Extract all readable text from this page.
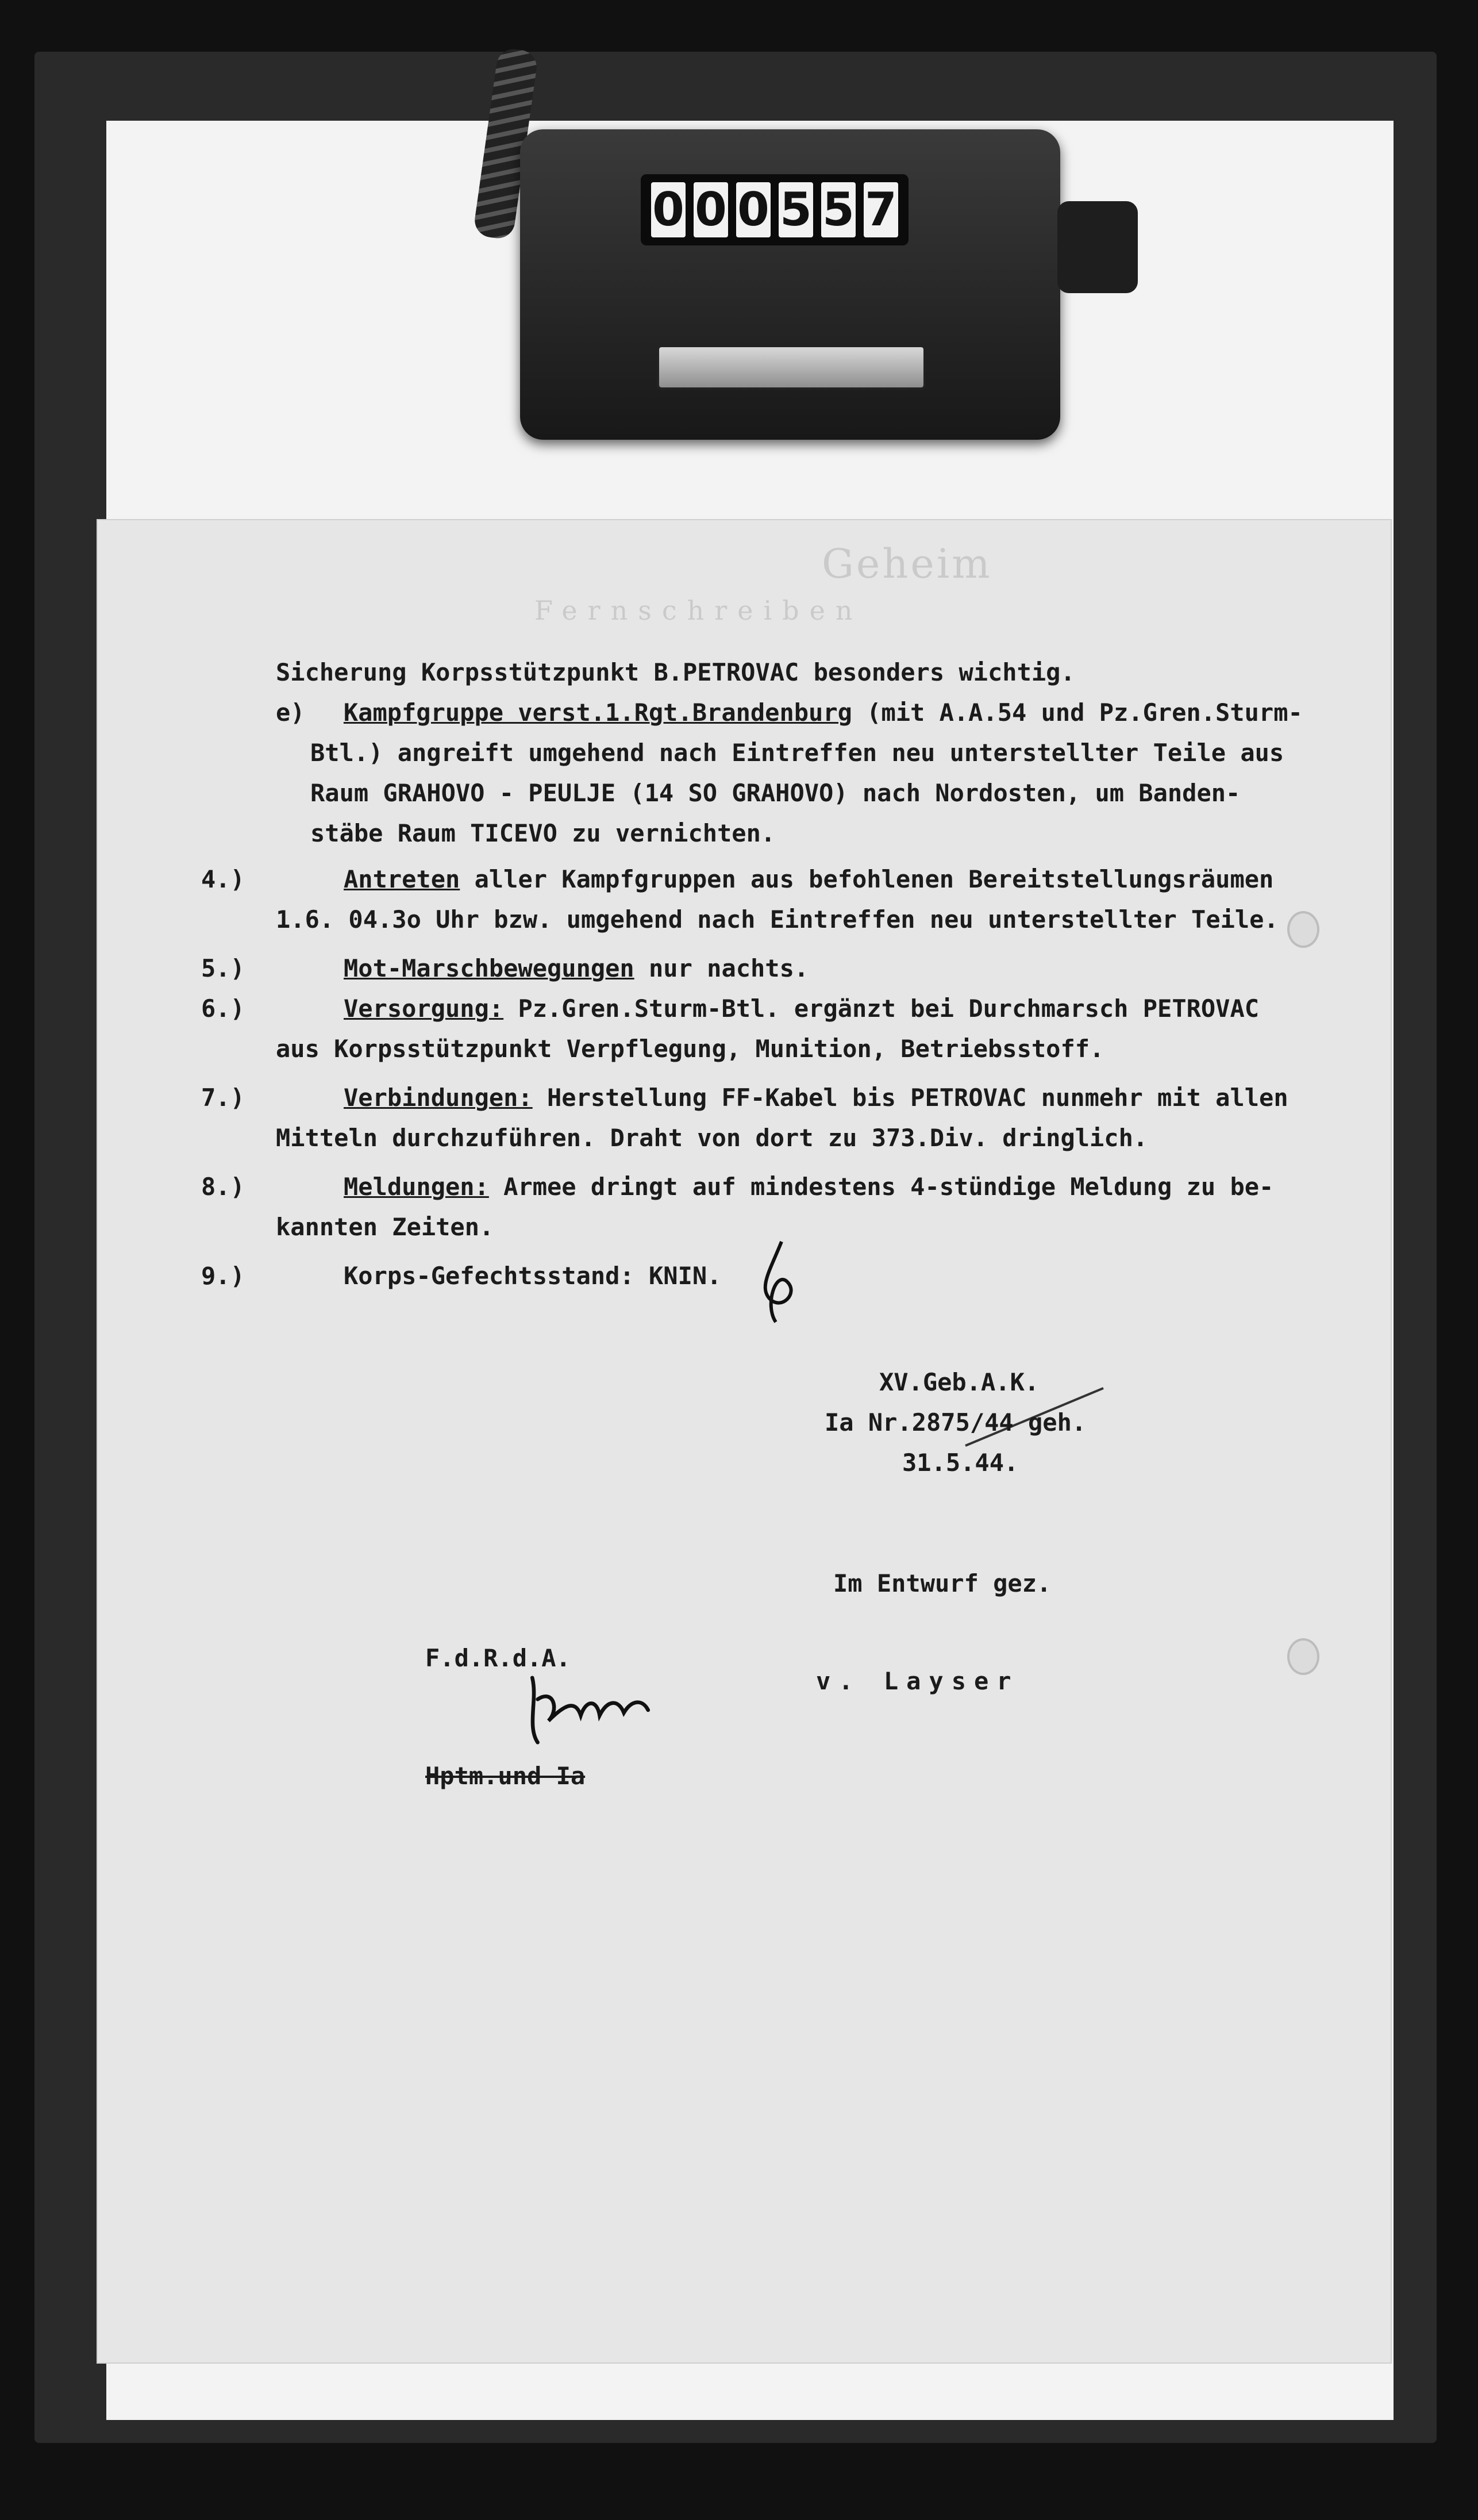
0 0 0 5 5 7
Geheim
Fernschreiben
Sicherung Korpsstützpunkt B.PETROVAC besonders wichtig.
e) Kampfgruppe verst.1.Rgt.Brandenburg (mit A.A.54 und Pz.Gren.Sturm-
Btl.) angreift umgehend nach Eintreffen neu unterstellter Teile aus
Raum GRAHOVO - PEULJE (14 SO GRAHOVO) nach Nordosten, um Banden-
stäbe Raum TICEVO zu vernichten.
4.)	Antreten aller Kampfgruppen aus befohlenen Bereitstellungsräumen
1.6. 04.3o Uhr bzw. umgehend nach Eintreffen neu unterstellter Teile.
5.)	Mot-Marschbewegungen nur nachts.
6.)	Versorgung: Pz.Gren.Sturm-Btl. ergänzt bei Durchmarsch PETROVAC
aus Korpsstützpunkt Verpflegung, Munition, Betriebsstoff.
7.)	Verbindungen: Herstellung FF-Kabel bis PETROVAC nunmehr mit allen
Mitteln durchzuführen. Draht von dort zu 373.Div. dringlich.
8.)	Meldungen: Armee dringt auf mindestens 4-stündige Meldung zu be-
kannten Zeiten.
9.)	Korps-Gefechtsstand: KNIN.
XV.Geb.A.K.
Ia Nr.2875/44 geh.
31.5.44.
Im Entwurf gez.
F.d.R.d.A.
v. Layser
Hptm.und Ia
